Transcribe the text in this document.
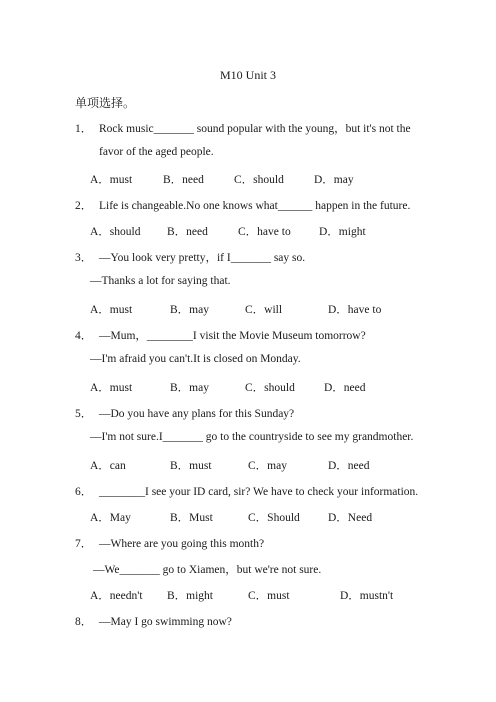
M10 Unit 3
单项选择。
1． Rock music_______ sound popular with the young，but it's not the
favor of the aged people.
A．must	B．need	C．should	D．may
2． Life is changeable.No one knows what______ happen in the future.
A．should B．need	C．have to D．might
3． —You look very pretty，if I_______ say so.
—Thanks a lot for saying that.
A．must	B．may	C．will	D．have to
4． —Mum，________I visit the Movie Museum tomorrow?
—I'm afraid you can't.It is closed on Monday.
A．must	B．may	C．should	D．need
5． —Do you have any plans for this Sunday?
—I'm not sure.I_______ go to the countryside to see my grandmother.
A．can	B．must	C．may	D．need
6． ________I see your ID card, sir? We have to check your information.
A．May	B．Must	C．Should D．Need
7． —Where are you going this month?
—We_______ go to Xiamen，but we're not sure.
A．needn't B．might	C．must	D．mustn't
8． —May I go swimming now?
